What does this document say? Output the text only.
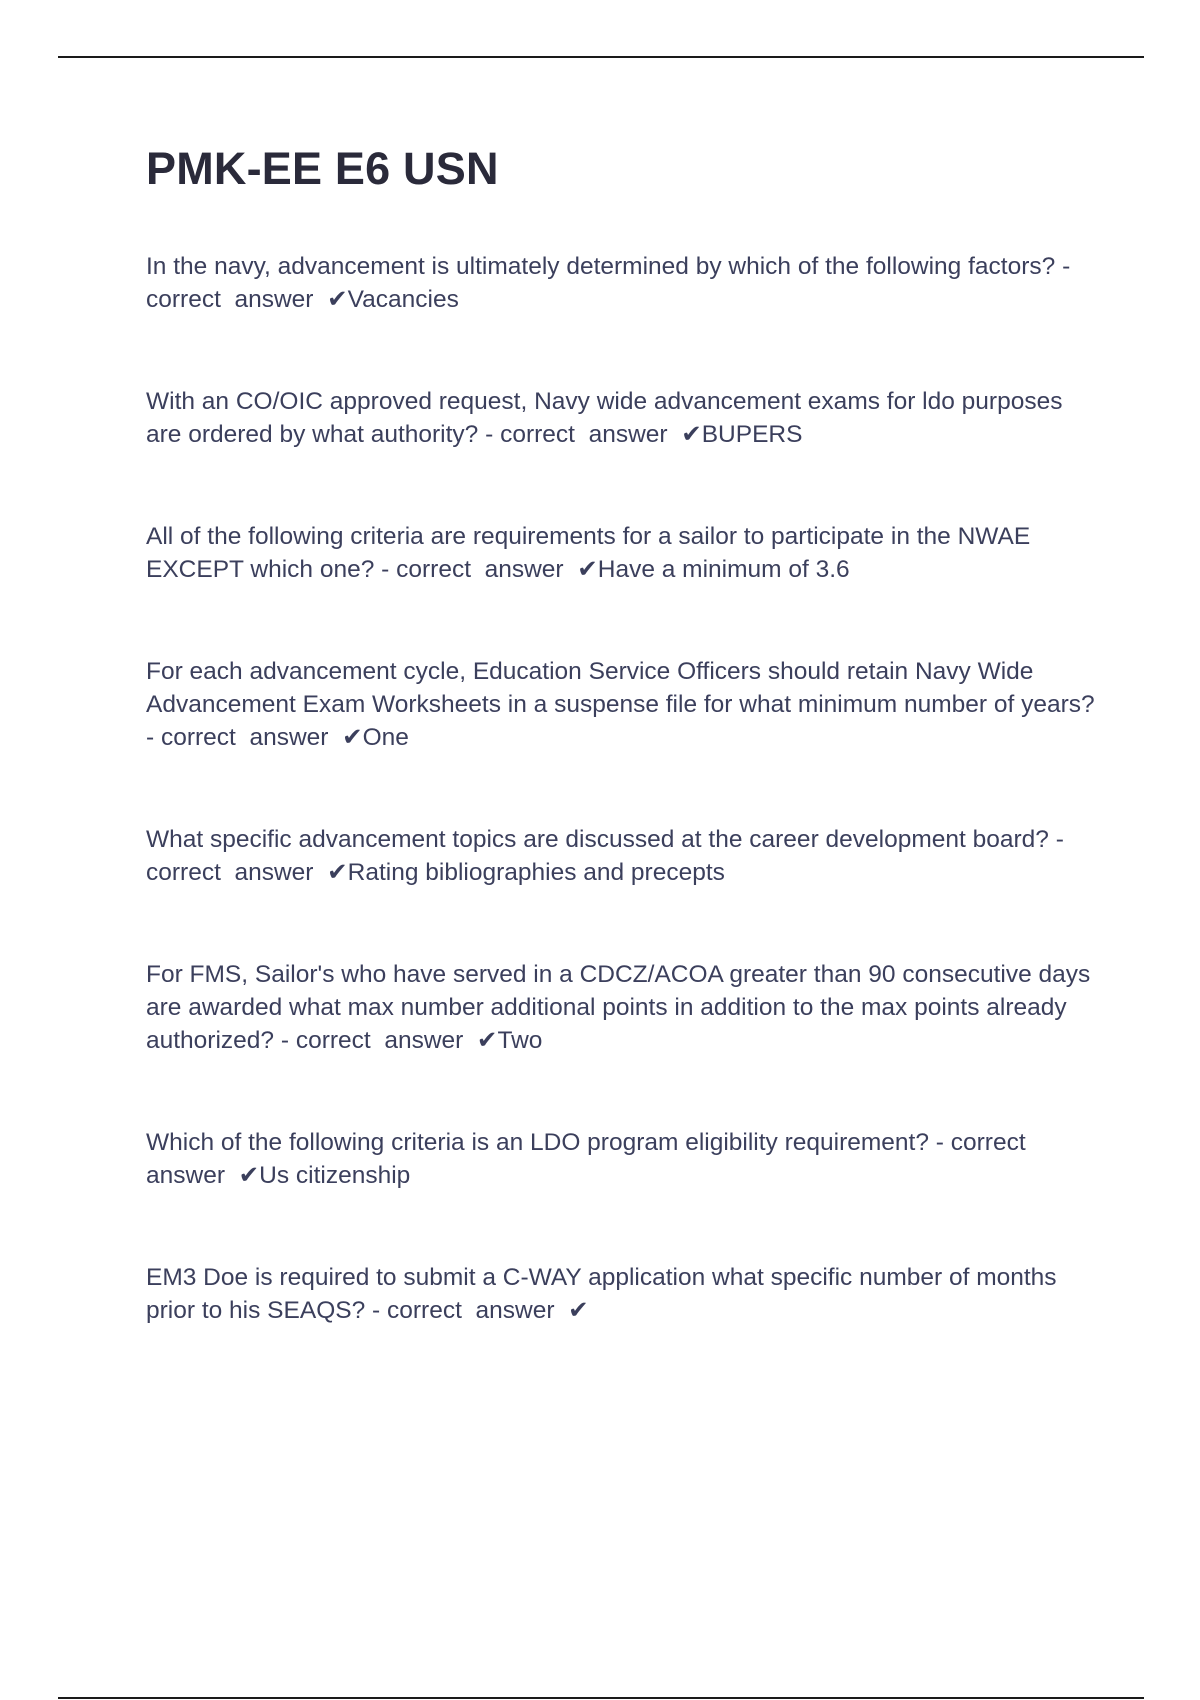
PMK-EE E6 USN
In the navy, advancement is ultimately determined by which of the following factors? - correct  answer ✔Vacancies
With an CO/OIC approved request, Navy wide advancement exams for ldo purposes are ordered by what authority? - correct  answer ✔BUPERS
All of the following criteria are requirements for a sailor to participate in the NWAE EXCEPT which one? - correct  answer ✔Have a minimum of 3.6
For each advancement cycle, Education Service Officers should retain Navy Wide Advancement Exam Worksheets in a suspense file for what minimum number of years? - correct  answer ✔One
What specific advancement topics are discussed at the career development board? - correct  answer ✔Rating bibliographies and precepts
For FMS, Sailor's who have served in a CDCZ/ACOA greater than 90 consecutive days are awarded what max number additional points in addition to the max points already authorized? - correct  answer ✔Two
Which of the following criteria is an LDO program eligibility requirement? - correct  answer ✔Us citizenship
EM3 Doe is required to submit a C-WAY application what specific number of months prior to his SEAQS? - correct  answer ✔
